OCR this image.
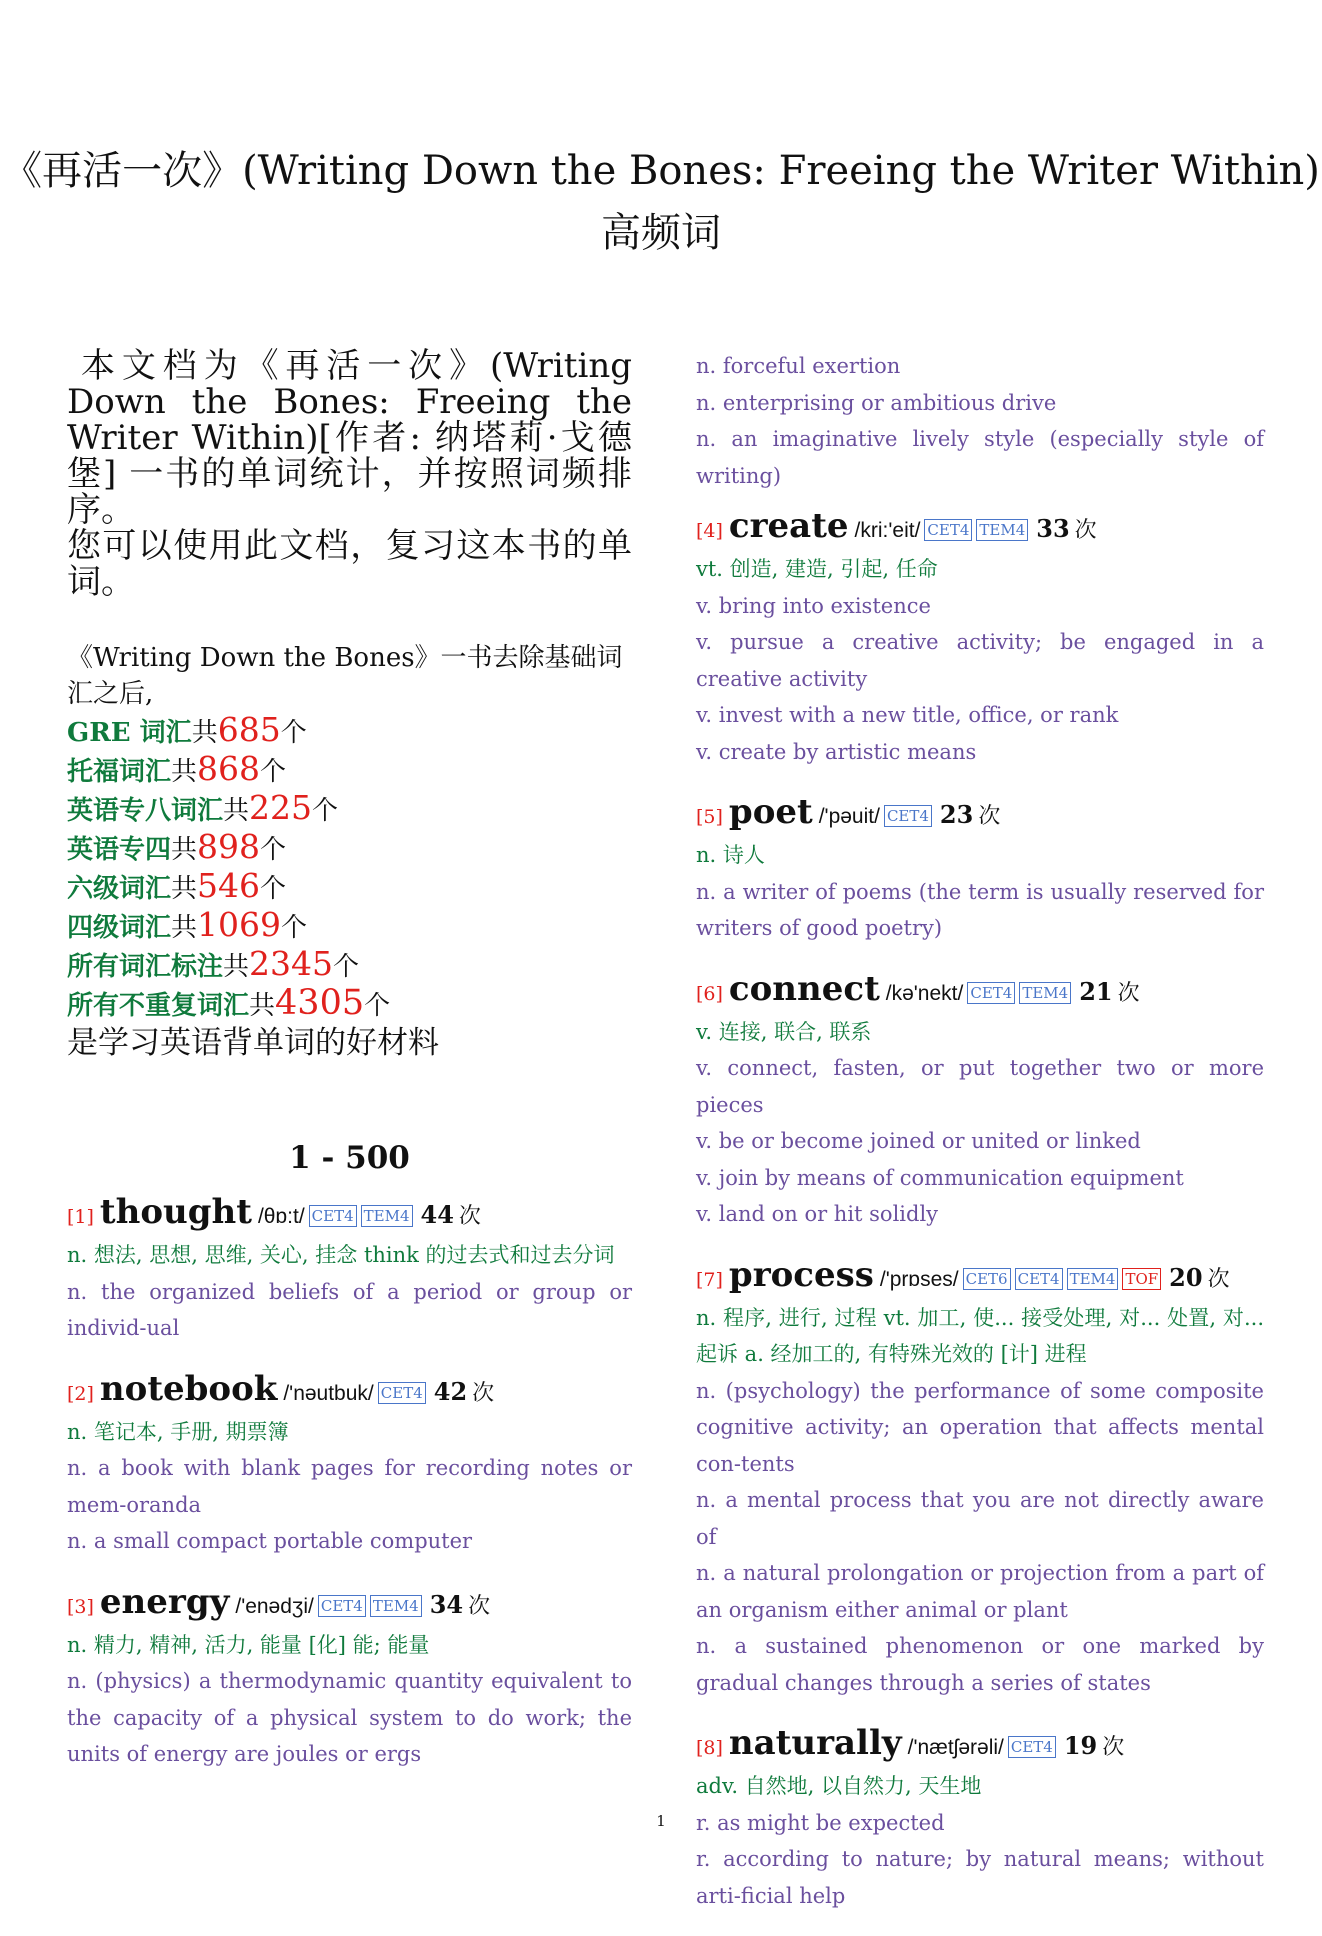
《再活一次》(Writing Down the Bones: Freeing the Writer Within)
高频词
本文档为《再活一次》(Writing Down the Bones: Freeing the Writer Within)[作者: 纳塔莉·戈德堡] 一书的单词统计，并按照词频排序。
您可以使用此文档，复习这本书的单词。
《Writing Down the Bones》一书去除基础词汇之后,
GRE 词汇共685个
托福词汇共868个
英语专八词汇共225个
英语专四共898个
六级词汇共546个
四级词汇共1069个
所有词汇标注共2345个
所有不重复词汇共4305个
是学习英语背单词的好材料
1 - 500
[1] thought /θɒ:t/ CET4 TEM4 44 次
n. 想法, 思想, 思维, 关心, 挂念 think 的过去式和过去分词
n. the organized beliefs of a period or group or individ-ual
[2] notebook /'nəutbuk/ CET4 42 次
n. 笔记本, 手册, 期票簿
n. a book with blank pages for recording notes or mem-oranda
n. a small compact portable computer
[3] energy /'enədʒi/ CET4 TEM4 34 次
n. 精力, 精神, 活力, 能量 [化] 能; 能量
n. (physics) a thermodynamic quantity equivalent to the capacity of a physical system to do work; the units of energy are joules or ergs
n. forceful exertion
n. enterprising or ambitious drive
n. an imaginative lively style (especially style of writing)
[4] create /kri:'eit/ CET4 TEM4 33 次
vt. 创造, 建造, 引起, 任命
v. bring into existence
v. pursue a creative activity; be engaged in a creative activity
v. invest with a new title, office, or rank
v. create by artistic means
[5] poet /'pəuit/ CET4 23 次
n. 诗人
n. a writer of poems (the term is usually reserved for writers of good poetry)
[6] connect /kə'nekt/ CET4 TEM4 21 次
v. 连接, 联合, 联系
v. connect, fasten, or put together two or more pieces
v. be or become joined or united or linked
v. join by means of communication equipment
v. land on or hit solidly
[7] process /'prɒses/ CET6 CET4 TEM4 TOF 20 次
n. 程序, 进行, 过程 vt. 加工, 使... 接受处理, 对... 处置, 对... 起诉 a. 经加工的, 有特殊光效的 [计] 进程
n. (psychology) the performance of some composite cognitive activity; an operation that affects mental con-tents
n. a mental process that you are not directly aware of
n. a natural prolongation or projection from a part of an organism either animal or plant
n. a sustained phenomenon or one marked by gradual changes through a series of states
[8] naturally /'nætʃərəli/ CET4 19 次
adv. 自然地, 以自然力, 天生地
r. as might be expected
r. according to nature; by natural means; without arti-ficial help
1
